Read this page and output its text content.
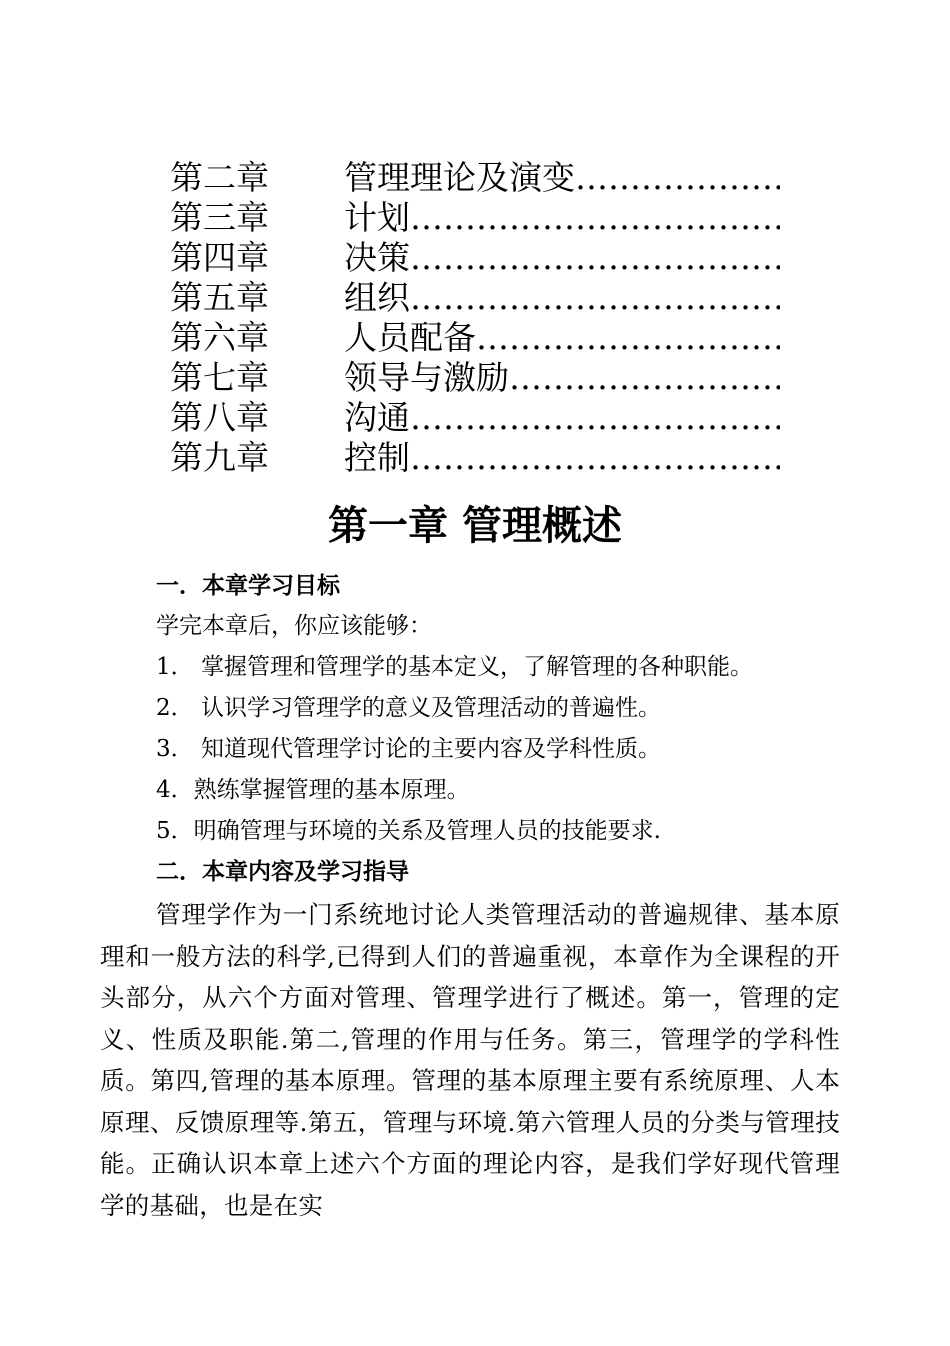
第二章	管理理论及演变 …………………………………………………………………………
第三章	计划 …………………………………………………………………………
第四章	决策 …………………………………………………………………………
第五章	组织 …………………………………………………………………………
第六章	人员配备 …………………………………………………………………………
第七章	领导与激励 …………………………………………………………………………
第八章	沟通 …………………………………………………………………………
第九章	控制 …………………………………………………………………………
第一章 管理概述
一．本章学习目标
学完本章后，你应该能够：
1． 掌握管理和管理学的基本定义，了解管理的各种职能。
2． 认识学习管理学的意义及管理活动的普遍性。
3． 知道现代管理学讨论的主要内容及学科性质。
4．熟练掌握管理的基本原理。
5．明确管理与环境的关系及管理人员的技能要求.
二．本章内容及学习指导
管理学作为一门系统地讨论人类管理活动的普遍规律、基本原理和一般方法的科学,已得到人们的普遍重视，本章作为全课程的开头部分，从六个方面对管理、管理学进行了概述。第一，管理的定义、性质及职能.第二,管理的作用与任务。第三，管理学的学科性质。第四,管理的基本原理。管理的基本原理主要有系统原理、人本原理、反馈原理等.第五，管理与环境.第六管理人员的分类与管理技能。正确认识本章上述六个方面的理论内容，是我们学好现代管理学的基础，也是在实
